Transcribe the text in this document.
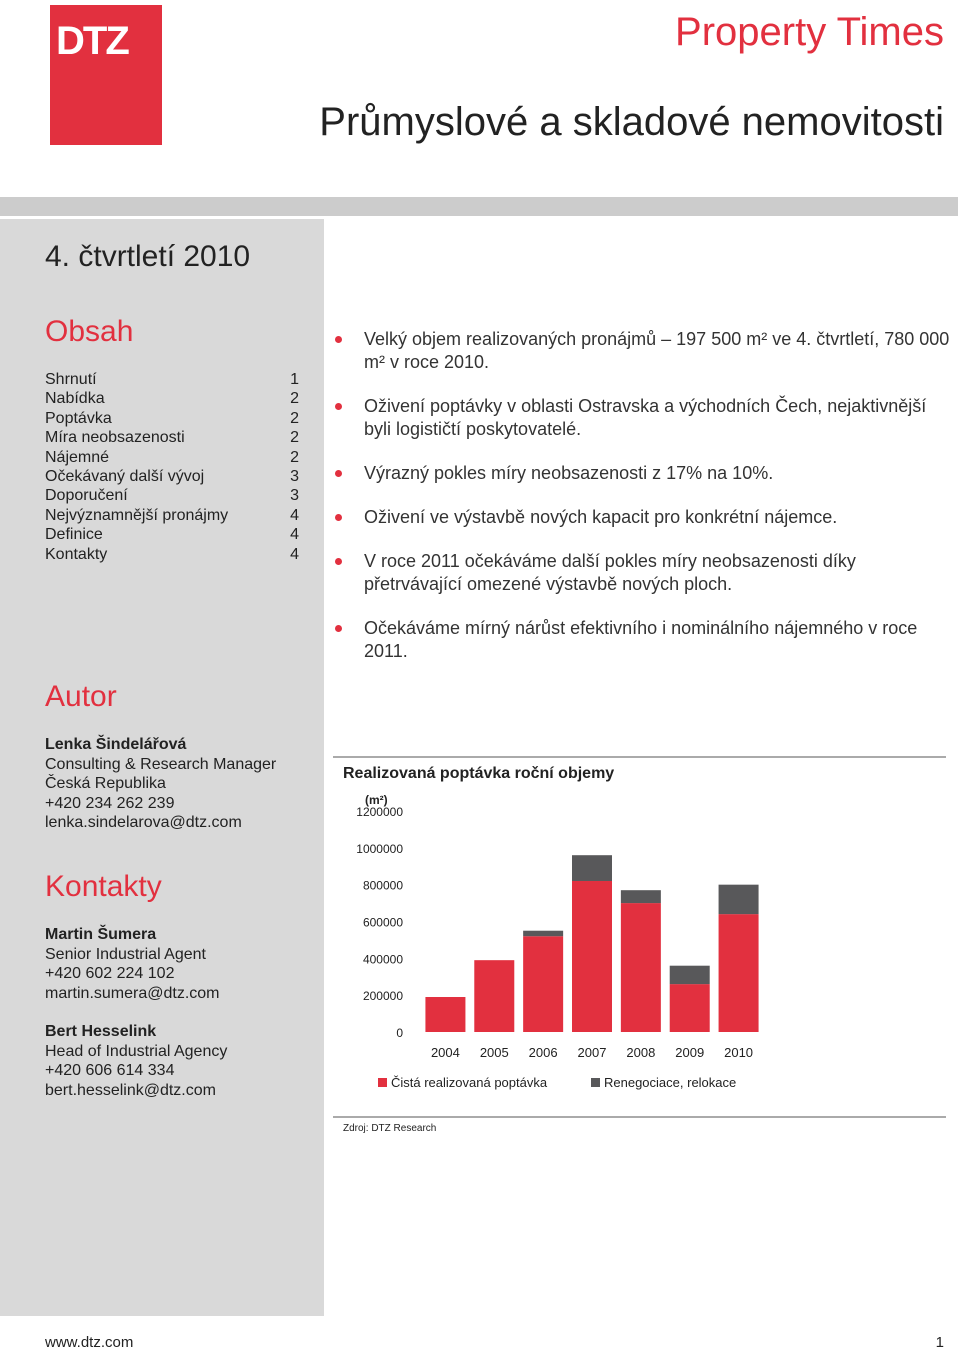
DTZ	Property Times
Průmyslové a skladové nemovitosti
4. čtvrtletí 2010
Obsah
Shrnutí	1
Nabídka	2
Poptávka	2
Míra neobsazenosti	2
Nájemné	2
Očekávaný další vývoj	3
Doporučení	3
Nejvýznamnější pronájmy	4
Definice	4
Kontakty	4
Autor
Lenka Šindelářová
Consulting & Research Manager
Česká Republika
+420 234 262 239
lenka.sindelarova@dtz.com
Kontakty
Martin Šumera
Senior Industrial Agent
+420 602 224 102
martin.sumera@dtz.com
Bert Hesselink
Head of Industrial Agency
+420 606 614 334
bert.hesselink@dtz.com
Velký objem realizovaných pronájmů – 197 500 m² ve 4. čtvrtletí, 780 000 m² v roce 2010.
Oživení poptávky v oblasti Ostravska a východních Čech, nejaktivnější byli logističtí poskytovatelé.
Výrazný pokles míry neobsazenosti z 17% na 10%.
Oživení ve výstavbě nových kapacit pro konkrétní nájemce.
V roce 2011 očekáváme další pokles míry neobsazenosti díky přetrvávající omezené výstavbě nových ploch.
Očekáváme mírný nárůst efektivního i nominálního nájemného v roce 2011.
Realizovaná poptávka roční objemy
(m²)
0
200000
400000
600000
800000
1000000
1200000
2004 2005 2006 2007 2008 2009 2010
Čistá realizovaná poptávka	Renegociace, relokace
Zdroj: DTZ Research
www.dtz.com	1
